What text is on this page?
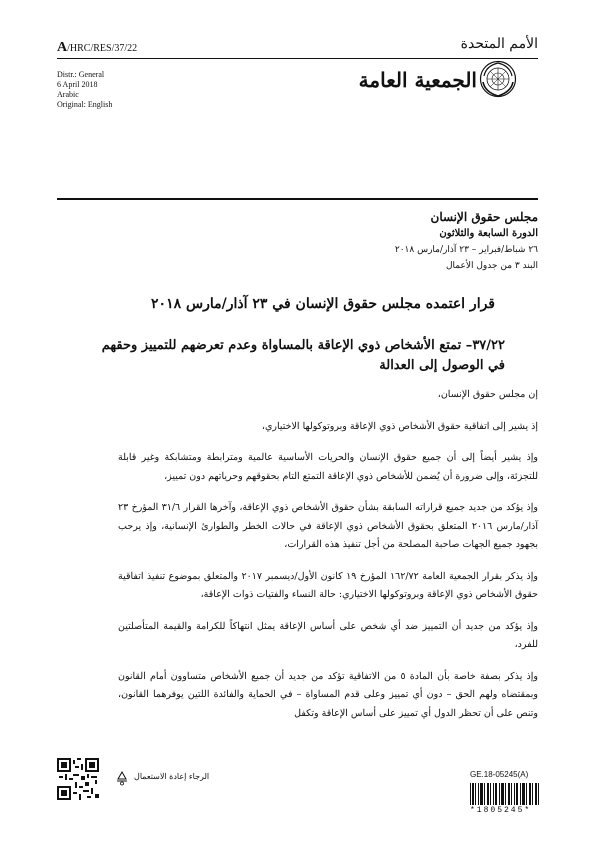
A/HRC/RES/37/22	الأمم المتحدة
Distr.: General
6 April 2018
Arabic
Original: English
الجمعية العامة
مجلس حقوق الإنسان
الدورة السابعة والثلاثون
٢٦ شباط/فبراير – ٢٣ آذار/مارس ٢٠١٨
البند ٣ من جدول الأعمال
قرار اعتمده مجلس حقوق الإنسان في ٢٣ آذار/مارس ٢٠١٨
٣٧/٢٢– تمتع الأشخاص ذوي الإعاقة بالمساواة وعدم تعرضهم للتمييز وحقهم في الوصول إلى العدالة

إن مجلس حقوق الإنسان،

إذ يشير إلى اتفاقية حقوق الأشخاص ذوي الإعاقة وبروتوكولها الاختياري،

وإذ يشير أيضاً إلى أن جميع حقوق الإنسان والحريات الأساسية عالمية ومترابطة ومتشابكة وغير قابلة للتجزئة، وإلى ضرورة أن يُضمن للأشخاص ذوي الإعاقة التمتع التام بحقوقهم وحرياتهم دون تمييز،

وإذ يؤكد من جديد جميع قراراته السابقة بشأن حقوق الأشخاص ذوي الإعاقة، وآخرها القرار ٣١/٦ المؤرخ ٢٣ آذار/مارس ٢٠١٦ المتعلق بحقوق الأشخاص ذوي الإعاقة في حالات الخطر والطوارئ الإنسانية، وإذ يرحب بجهود جميع الجهات صاحبة المصلحة من أجل تنفيذ هذه القرارات،

وإذ يذكر بقرار الجمعية العامة ١٦٢/٧٢ المؤرخ ١٩ كانون الأول/ديسمبر ٢٠١٧ والمتعلق بموضوع تنفيذ اتفاقية حقوق الأشخاص ذوي الإعاقة وبروتوكولها الاختياري: حالة النساء والفتيات ذوات الإعاقة،

وإذ يؤكد من جديد أن التمييز ضد أي شخص على أساس الإعاقة يمثل انتهاكاً للكرامة والقيمة المتأصلتين للفرد،

وإذ يذكر بصفة خاصة بأن المادة ٥ من الاتفاقية تؤكد من جديد أن جميع الأشخاص متساوون أمام القانون وبمقتضاه ولهم الحق – دون أي تمييز وعلى قدم المساواة – في الحماية والفائدة اللتين يوفرهما القانون، وتنص على أن تحظر الدول أي تمييز على أساس الإعاقة وتكفل

الرجاء إعادة الاستعمال	GE.18-05245(A)
*1805245*
